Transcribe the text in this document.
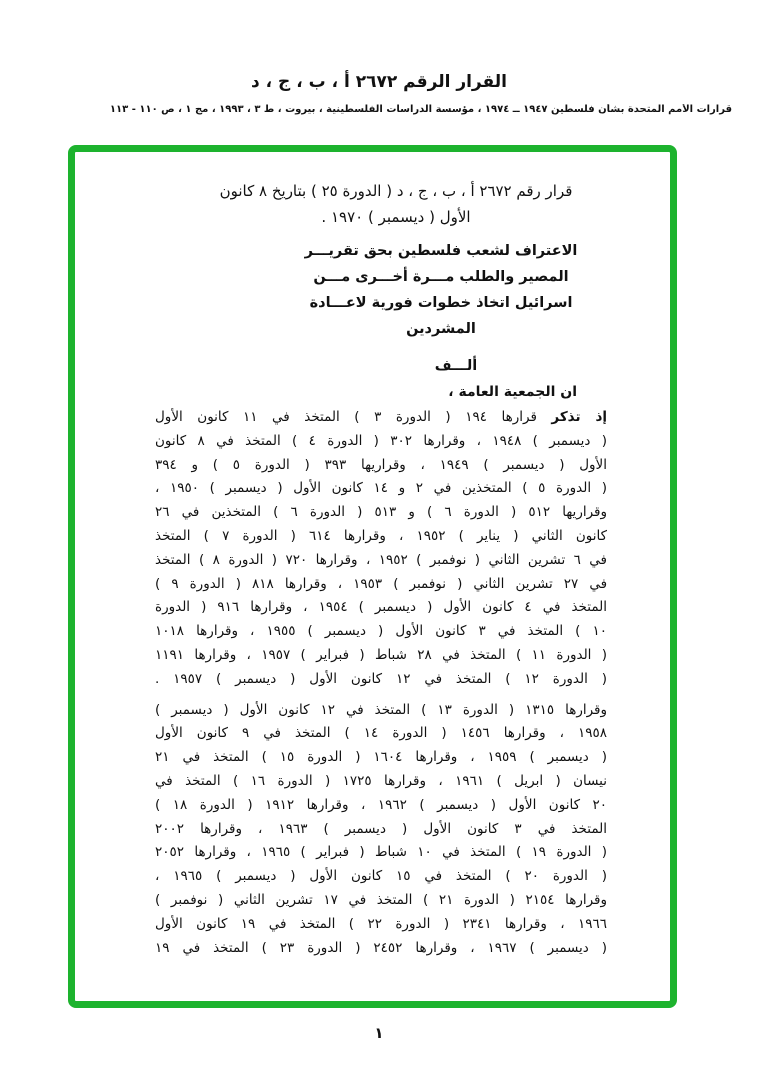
القرار الرقم ٢٦٧٢ أ ، ب ، ج ، د
قرارات الأمم المتحدة بشأن فلسطين ١٩٤٧ ــ ١٩٧٤ ، مؤسسة الدراسات الفلسطينية ، بيروت ، ط ٣ ، ١٩٩٣ ، مج ١ ، ص ١١٠ - ١١٣
قرار رقم ٢٦٧٢ أ ، ب ، ج ، د ( الدورة ٢٥ ) بتاريخ ٨ كانون
الأول ( ديسمبر ) ١٩٧٠ .
الاعتراف لشعب فلسطين بحق تقريـــر
المصير والطلب مـــرة أخـــرى مـــن
اسرائيل اتخاذ خطوات فورية لاعـــادة
المشردين
ألـــف
ان الجمعية العامة ،
إذ تذكر قرارها ١٩٤ ( الدورة ٣ ) المتخذ في ١١ كانون الأول
( ديسمبر ) ١٩٤٨ ، وقرارها ٣٠٢ ( الدورة ٤ ) المتخذ في ٨ كانون
الأول ( ديسمبر ) ١٩٤٩ ، وقراريها ٣٩٣ ( الدورة ٥ ) و ٣٩٤
( الدورة ٥ ) المتخذين في ٢ و ١٤ كانون الأول ( ديسمبر ) ١٩٥٠ ،
وقراريها ٥١٢ ( الدورة ٦ ) و ٥١٣ ( الدورة ٦ ) المتخذين في ٢٦
كانون الثاني ( يناير ) ١٩٥٢ ، وقرارها ٦١٤ ( الدورة ٧ ) المتخذ
في ٦ تشرين الثاني ( نوفمبر ) ١٩٥٢ ، وقرارها ٧٢٠ ( الدورة ٨ ) المتخذ
في ٢٧ تشرين الثاني ( نوفمبر ) ١٩٥٣ ، وقرارها ٨١٨ ( الدورة ٩ )
المتخذ في ٤ كانون الأول ( ديسمبر ) ١٩٥٤ ، وقرارها ٩١٦ ( الدورة
١٠ ) المتخذ في ٣ كانون الأول ( ديسمبر ) ١٩٥٥ ، وقرارها ١٠١٨
( الدورة ١١ ) المتخذ في ٢٨ شباط ( فبراير ) ١٩٥٧ ، وقرارها ١١٩١
( الدورة ١٢ ) المتخذ في ١٢ كانون الأول ( ديسمبر ) ١٩٥٧ .
وقرارها ١٣١٥ ( الدورة ١٣ ) المتخذ في ١٢ كانون الأول ( ديسمبر )
١٩٥٨ ، وقرارها ١٤٥٦ ( الدورة ١٤ ) المتخذ في ٩ كانون الأول
( ديسمبر ) ١٩٥٩ ، وقرارها ١٦٠٤ ( الدورة ١٥ ) المتخذ في ٢١
نيسان ( ابريل ) ١٩٦١ ، وقرارها ١٧٢٥ ( الدورة ١٦ ) المتخذ في
٢٠ كانون الأول ( ديسمبر ) ١٩٦٢ ، وقرارها ١٩١٢ ( الدورة ١٨ )
المتخذ في ٣ كانون الأول ( ديسمبر ) ١٩٦٣ ، وقرارها ٢٠٠٢
( الدورة ١٩ ) المتخذ في ١٠ شباط ( فبراير ) ١٩٦٥ ، وقرارها ٢٠٥٢
( الدورة ٢٠ ) المتخذ في ١٥ كانون الأول ( ديسمبر ) ١٩٦٥ ،
وقرارها ٢١٥٤ ( الدورة ٢١ ) المتخذ في ١٧ تشرين الثاني ( نوفمبر )
١٩٦٦ ، وقرارها ٢٣٤١ ( الدورة ٢٢ ) المتخذ في ١٩ كانون الأول
( ديسمبر ) ١٩٦٧ ، وقرارها ٢٤٥٢ ( الدورة ٢٣ ) المتخذ في ١٩
١
